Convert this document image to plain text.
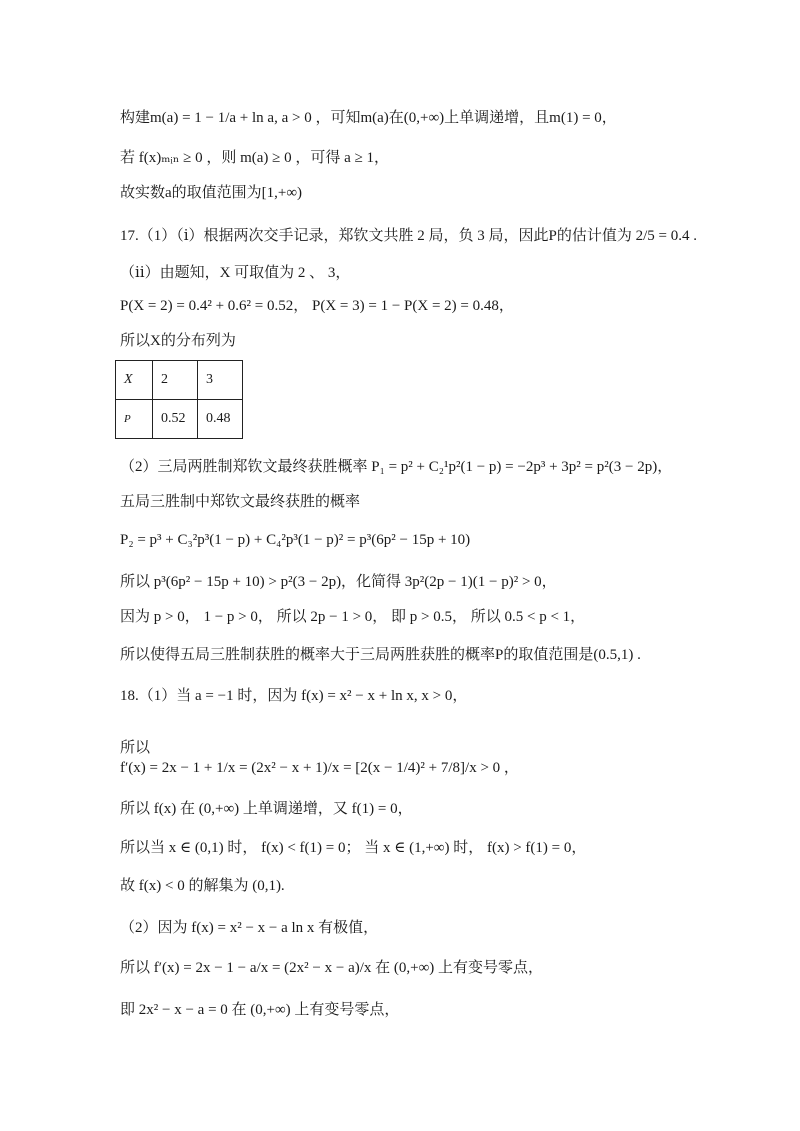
构建m(a) = 1 − 1/a + ln a, a > 0 ，可知m(a)在(0,+∞)上单调递增，且m(1) = 0，
若 f(x)ₘᵢₙ ≥ 0 ，则 m(a) ≥ 0 ，可得 a ≥ 1，
故实数a的取值范围为[1,+∞)
17.（1）（ⅰ）根据两次交手记录，郑钦文共胜 2 局，负 3 局，因此P的估计值为 2/5 = 0.4 .
（ⅱ）由题知，X 可取值为 2 、 3，
P(X = 2) = 0.4² + 0.6² = 0.52， P(X = 3) = 1 − P(X = 2) = 0.48，
所以X的分布列为
X	2	3
P	0.52	0.48
（2）三局两胜制郑钦文最终获胜概率 P₁ = p² + C₂¹p²(1 − p) = −2p³ + 3p² = p²(3 − 2p)，
五局三胜制中郑钦文最终获胜的概率
P₂ = p³ + C₃²p³(1 − p) + C₄²p³(1 − p)² = p³(6p² − 15p + 10)
所以 p³(6p² − 15p + 10) > p²(3 − 2p)，化简得 3p²(2p − 1)(1 − p)² > 0，
因为 p > 0， 1 − p > 0， 所以 2p − 1 > 0， 即 p > 0.5， 所以 0.5 < p < 1，
所以使得五局三胜制获胜的概率大于三局两胜获胜的概率P的取值范围是(0.5,1) .
18.（1）当 a = −1 时，因为 f(x) = x² − x + ln x, x > 0，
所以
f′(x) = 2x − 1 + 1/x = (2x² − x + 1)/x = [2(x − 1/4)² + 7/8]/x > 0 ，
所以 f(x) 在 (0,+∞) 上单调递增，又 f(1) = 0，
所以当 x ∈ (0,1) 时， f(x) < f(1) = 0； 当 x ∈ (1,+∞) 时， f(x) > f(1) = 0，
故 f(x) < 0 的解集为 (0,1).
（2）因为 f(x) = x² − x − a ln x 有极值，
所以 f′(x) = 2x − 1 − a/x = (2x² − x − a)/x 在 (0,+∞) 上有变号零点，
即 2x² − x − a = 0 在 (0,+∞) 上有变号零点，
